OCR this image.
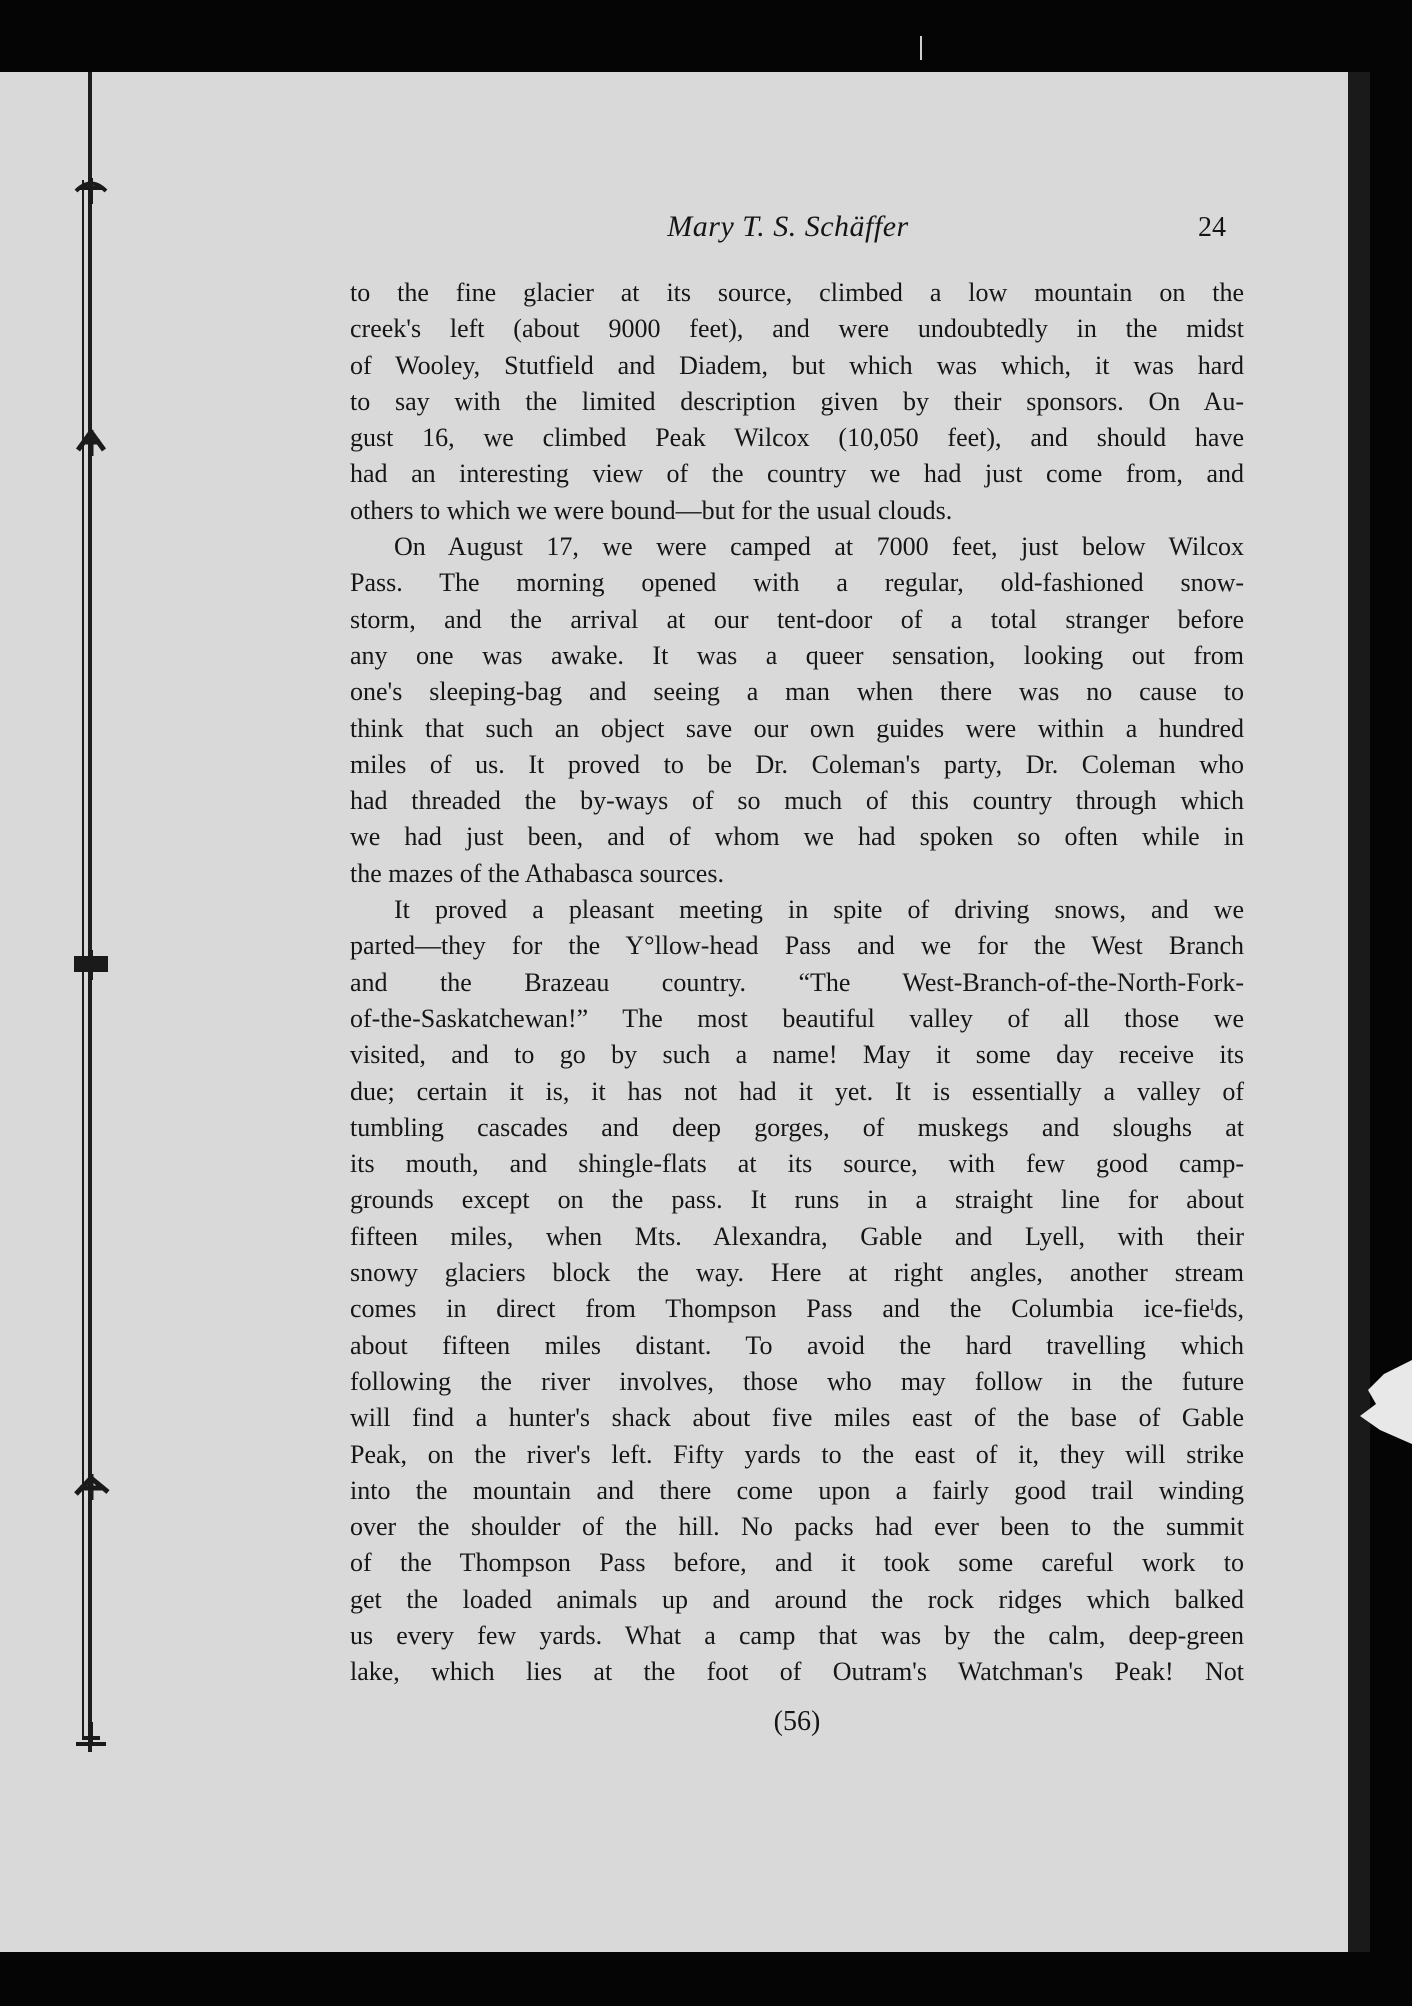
Mary T. S. Schäffer	24

to the fine glacier at its source, climbed a low mountain on the

creek's left (about 9000 feet), and were undoubtedly in the midst

of Wooley, Stutfield and Diadem, but which was which, it was hard

to say with the limited description given by their sponsors. On Au-

gust 16, we climbed Peak Wilcox (10,050 feet), and should have

had an interesting view of the country we had just come from, and

others to which we were bound—but for the usual clouds.

On August 17, we were camped at 7000 feet, just below Wilcox

Pass. The morning opened with a regular, old-fashioned snow-

storm, and the arrival at our tent-door of a total stranger before

any one was awake. It was a queer sensation, looking out from

one's sleeping-bag and seeing a man when there was no cause to

think that such an object save our own guides were within a hundred

miles of us. It proved to be Dr. Coleman's party, Dr. Coleman who

had threaded the by-ways of so much of this country through which

we had just been, and of whom we had spoken so often while in

the mazes of the Athabasca sources.

It proved a pleasant meeting in spite of driving snows, and we

parted—they for the Y°llow-head Pass and we for the West Branch

and the Brazeau country. “The West-Branch-of-the-North-Fork-

of-the-Saskatchewan!” The most beautiful valley of all those we

visited, and to go by such a name! May it some day receive its

due; certain it is, it has not had it yet. It is essentially a valley of

tumbling cascades and deep gorges, of muskegs and sloughs at

its mouth, and shingle-flats at its source, with few good camp-

grounds except on the pass. It runs in a straight line for about

fifteen miles, when Mts. Alexandra, Gable and Lyell, with their

snowy glaciers block the way. Here at right angles, another stream

comes in direct from Thompson Pass and the Columbia ice-fieˡds,

about fifteen miles distant. To avoid the hard travelling which

following the river involves, those who may follow in the future

will find a hunter's shack about five miles east of the base of Gable

Peak, on the river's left. Fifty yards to the east of it, they will strike

into the mountain and there come upon a fairly good trail winding

over the shoulder of the hill. No packs had ever been to the summit

of the Thompson Pass before, and it took some careful work to

get the loaded animals up and around the rock ridges which balked

us every few yards. What a camp that was by the calm, deep-green

lake, which lies at the foot of Outram's Watchman's Peak! Not

(56)
